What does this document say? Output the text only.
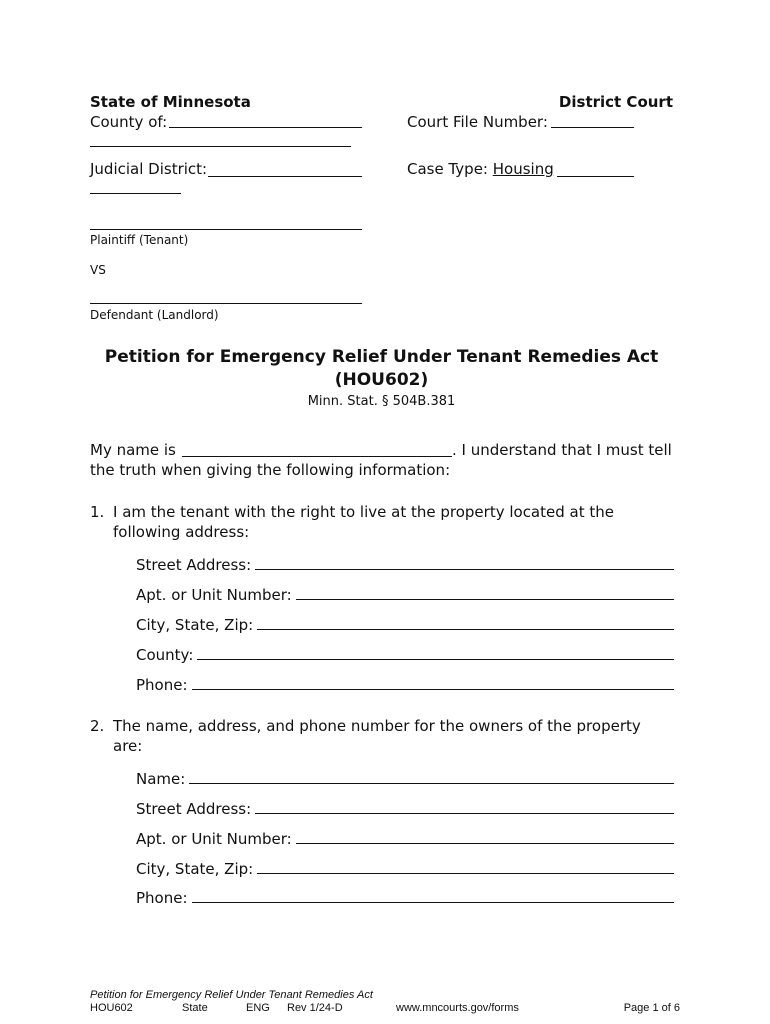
State of Minnesota	District Court
County of:	Court File Number:
Judicial District:	Case Type: Housing
Plaintiff (Tenant)
VS
Defendant (Landlord)
Petition for Emergency Relief Under Tenant Remedies Act
(HOU602)
Minn. Stat. § 504B.381
My name is	. I understand that I must tell
the truth when giving the following information:
1. I am the tenant with the right to live at the property located at the
following address:
Street Address:
Apt. or Unit Number:
City, State, Zip:
County:
Phone:
2. The name, address, and phone number for the owners of the property
are:
Name:
Street Address:
Apt. or Unit Number:
City, State, Zip:
Phone:
Petition for Emergency Relief Under Tenant Remedies Act
HOU602	State	ENG Rev 1/24-D	www.mncourts.gov/forms	Page 1 of 6
